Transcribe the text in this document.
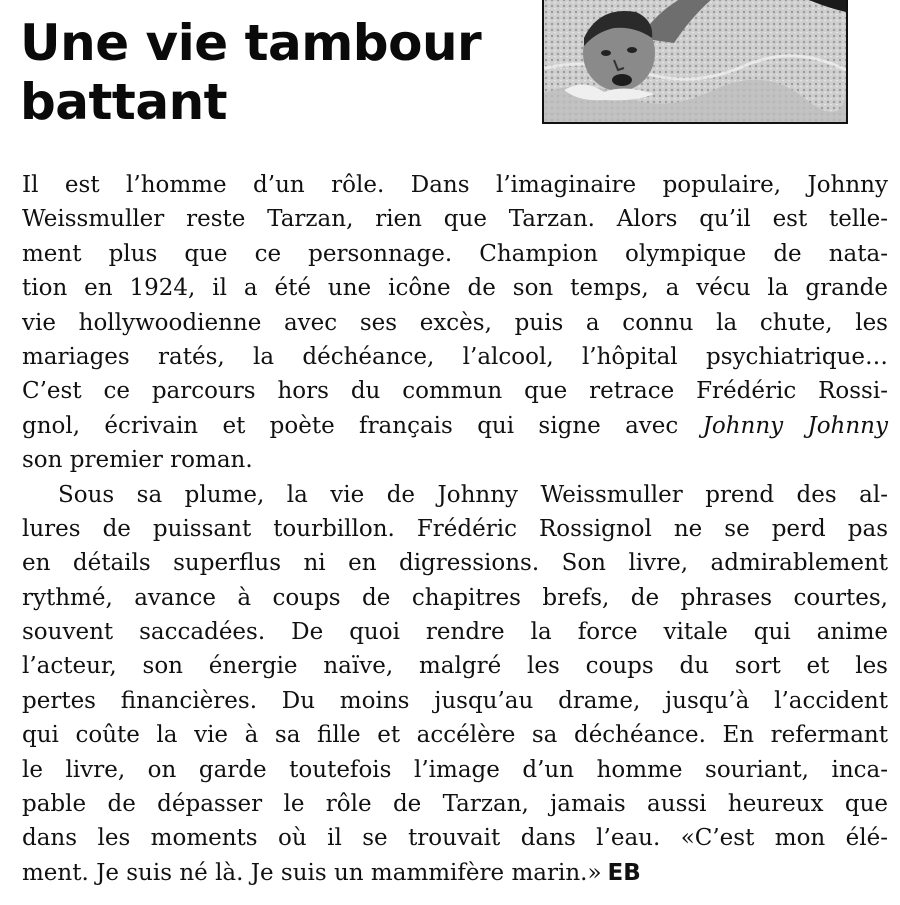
Une vie tambour
battant
Il est l’homme d’un rôle. Dans l’imaginaire populaire, Johnny
Weissmuller reste Tarzan, rien que Tarzan. Alors qu’il est telle-
ment plus que ce personnage. Champion olympique de nata-
tion en 1924, il a été une icône de son temps, a vécu la grande
vie hollywoodienne avec ses excès, puis a connu la chute, les
mariages ratés, la déchéance, l’alcool, l’hôpital psychiatrique…
C’est ce parcours hors du commun que retrace Frédéric Rossi-
gnol, écrivain et poète français qui signe avec Johnny Johnny
son premier roman.
Sous sa plume, la vie de Johnny Weissmuller prend des al-
lures de puissant tourbillon. Frédéric Rossignol ne se perd pas
en détails superflus ni en digressions. Son livre, admirablement
rythmé, avance à coups de chapitres brefs, de phrases courtes,
souvent saccadées. De quoi rendre la force vitale qui anime
l’acteur, son énergie naïve, malgré les coups du sort et les
pertes financières. Du moins jusqu’au drame, jusqu’à l’accident
qui coûte la vie à sa fille et accélère sa déchéance. En refermant
le livre, on garde toutefois l’image d’un homme souriant, inca-
pable de dépasser le rôle de Tarzan, jamais aussi heureux que
dans les moments où il se trouvait dans l’eau. «C’est mon élé-
ment. Je suis né là. Je suis un mammifère marin.» EB
